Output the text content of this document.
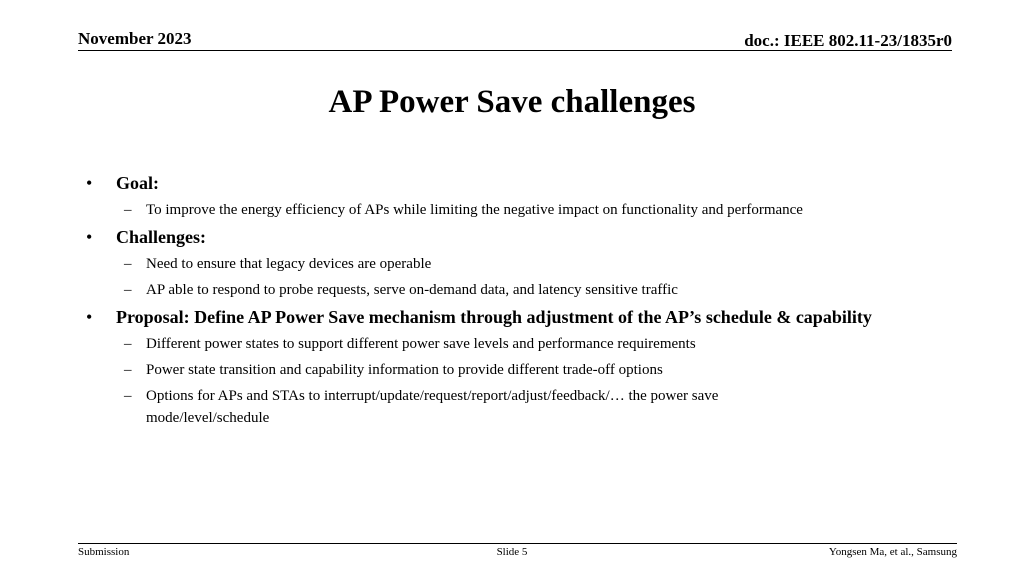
November 2023	doc.: IEEE 802.11-23/1835r0
AP Power Save challenges
•	Goal:
– To improve the energy efficiency of APs while limiting the negative impact on functionality and performance
•	Challenges:
– Need to ensure that legacy devices are operable
– AP able to respond to probe requests, serve on-demand data, and latency sensitive traffic
•	Proposal: Define AP Power Save mechanism through adjustment of the AP’s schedule & capability
– Different power states to support different power save levels and performance requirements
– Power state transition and capability information to provide different trade-off options
– Options for APs and STAs to interrupt/update/request/report/adjust/feedback/… the power save mode/level/schedule
Submission	Slide 5	Yongsen Ma, et al., Samsung
